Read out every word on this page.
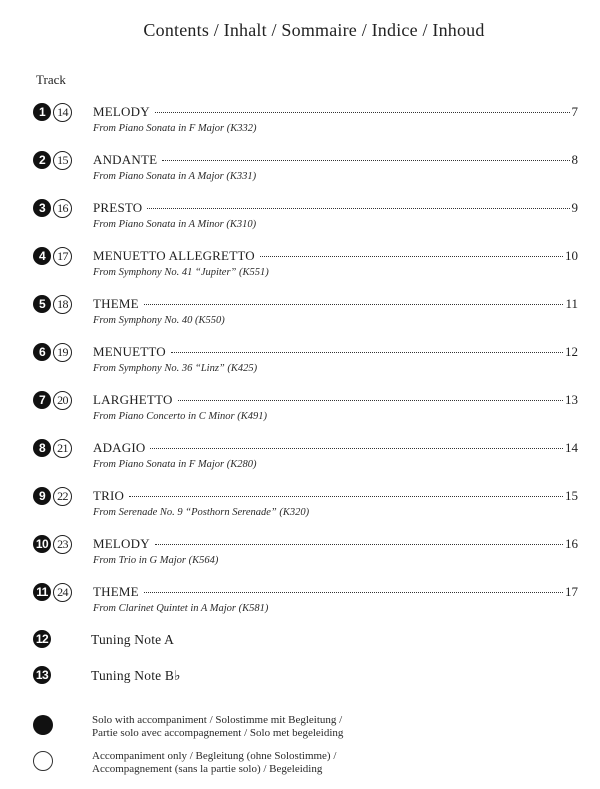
Contents / Inhalt / Sommaire / Indice / Inhoud
Track
1	14	MELODY	7
From Piano Sonata in F Major (K332)
2	15	ANDANTE	8
From Piano Sonata in A Major (K331)
3	16	PRESTO	9
From Piano Sonata in A Minor (K310)
4	17	MENUETTO ALLEGRETTO	10
From Symphony No. 41 “Jupiter” (K551)
5	18	THEME	11
From Symphony No. 40 (K550)
6	19	MENUETTO	12
From Symphony No. 36 “Linz” (K425)
7	20	LARGHETTO	13
From Piano Concerto in C Minor (K491)
8	21	ADAGIO	14
From Piano Sonata in F Major (K280)
9	22	TRIO	15
From Serenade No. 9 “Posthorn Serenade” (K320)
10 23	MELODY	16
From Trio in G Major (K564)
11 24	THEME	17
From Clarinet Quintet in A Major (K581)
12	Tuning Note A
13	Tuning Note B♭
Solo with accompaniment / Solostimme mit Begleitung /
Partie solo avec accompagnement / Solo met begeleiding
Accompaniment only / Begleitung (ohne Solostimme) /
Accompagnement (sans la partie solo) / Begeleiding
